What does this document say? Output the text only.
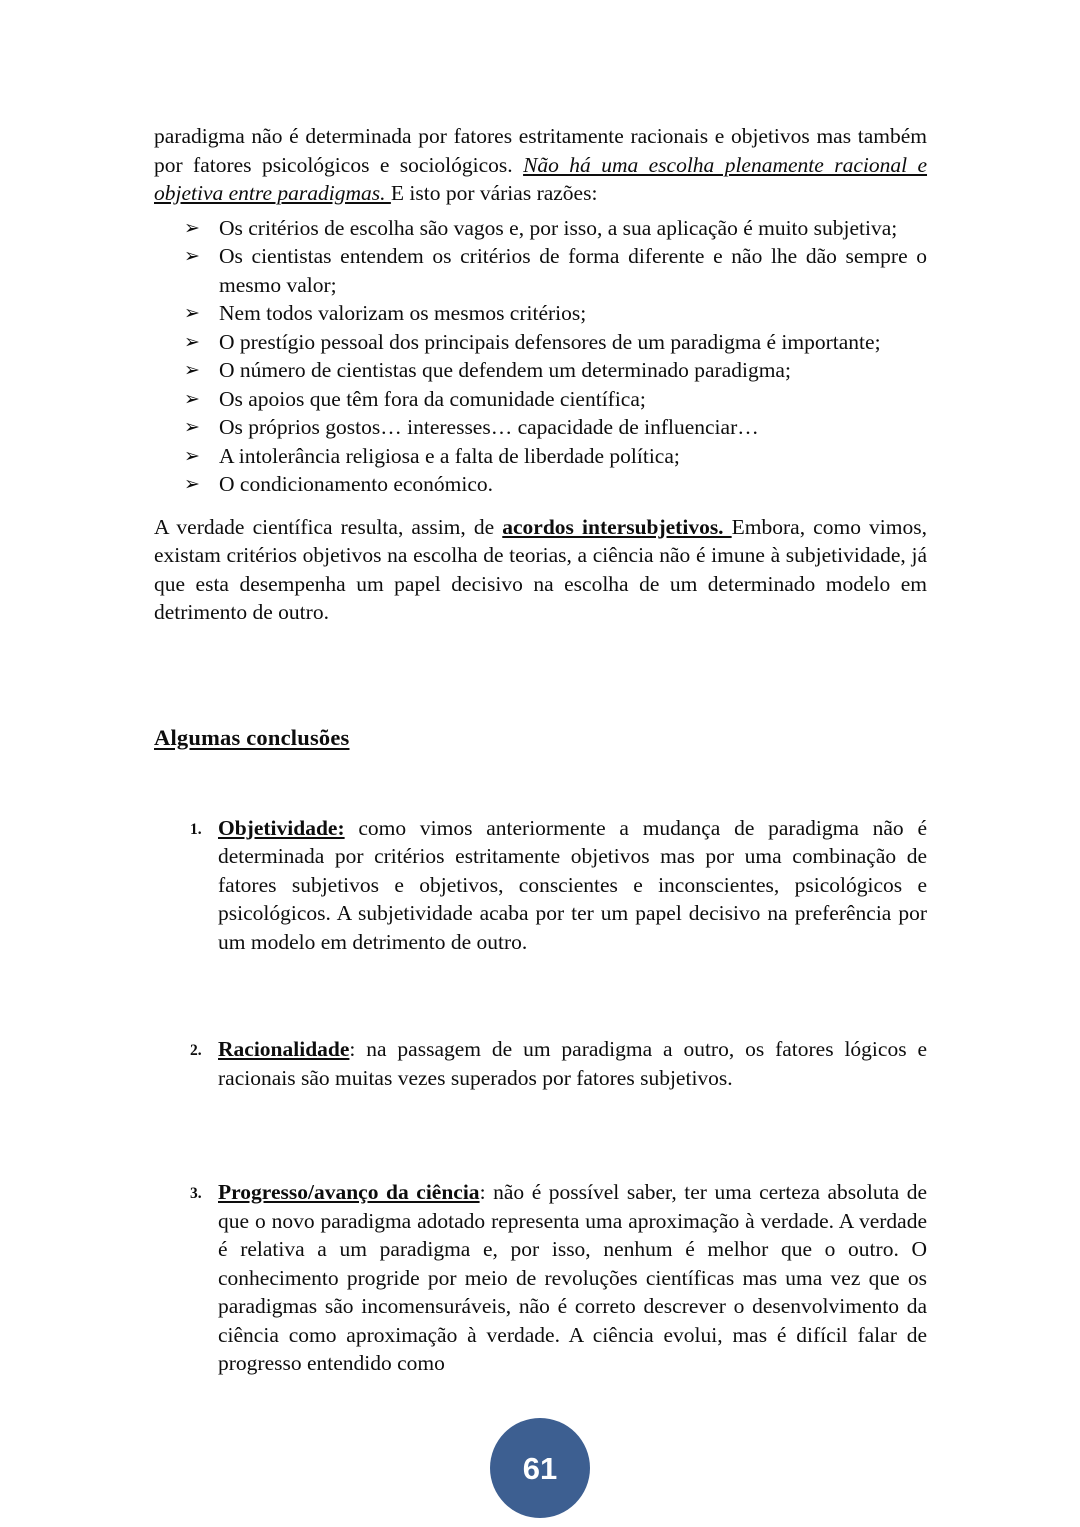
paradigma não é determinada por fatores estritamente racionais e objetivos mas também por fatores psicológicos e sociológicos. Não há uma escolha plenamente racional e objetiva entre paradigmas. E isto por várias razões:

➢ Os critérios de escolha são vagos e, por isso, a sua aplicação é muito subjetiva;
➢ Os cientistas entendem os critérios de forma diferente e não lhe dão sempre o mesmo valor;
➢ Nem todos valorizam os mesmos critérios;
➢ O prestígio pessoal dos principais defensores de um paradigma é importante;
➢ O número de cientistas que defendem um determinado paradigma;
➢ Os apoios que têm fora da comunidade científica;
➢ Os próprios gostos… interesses… capacidade de influenciar…
➢ A intolerância religiosa e a falta de liberdade política;
➢ O condicionamento económico.

A verdade científica resulta, assim, de acordos intersubjetivos. Embora, como vimos, existam critérios objetivos na escolha de teorias, a ciência não é imune à subjetividade, já que esta desempenha um papel decisivo na escolha de um determinado modelo em detrimento de outro.

Algumas conclusões
1. Objetividade: como vimos anteriormente a mudança de paradigma não é determinada por critérios estritamente objetivos mas por uma combinação de fatores subjetivos e objetivos, conscientes e inconscientes, psicológicos e psicológicos. A subjetividade acaba por ter um papel decisivo na preferência por um modelo em detrimento de outro.
2. Racionalidade: na passagem de um paradigma a outro, os fatores lógicos e racionais são muitas vezes superados por fatores subjetivos.
3. Progresso/avanço da ciência: não é possível saber, ter uma certeza absoluta de que o novo paradigma adotado representa uma aproximação à verdade. A verdade é relativa a um paradigma e, por isso, nenhum é melhor que o outro. O conhecimento progride por meio de revoluções científicas mas uma vez que os paradigmas são incomensuráveis, não é correto descrever o desenvolvimento da ciência como aproximação à verdade. A ciência evolui, mas é difícil falar de progresso entendido como
61
